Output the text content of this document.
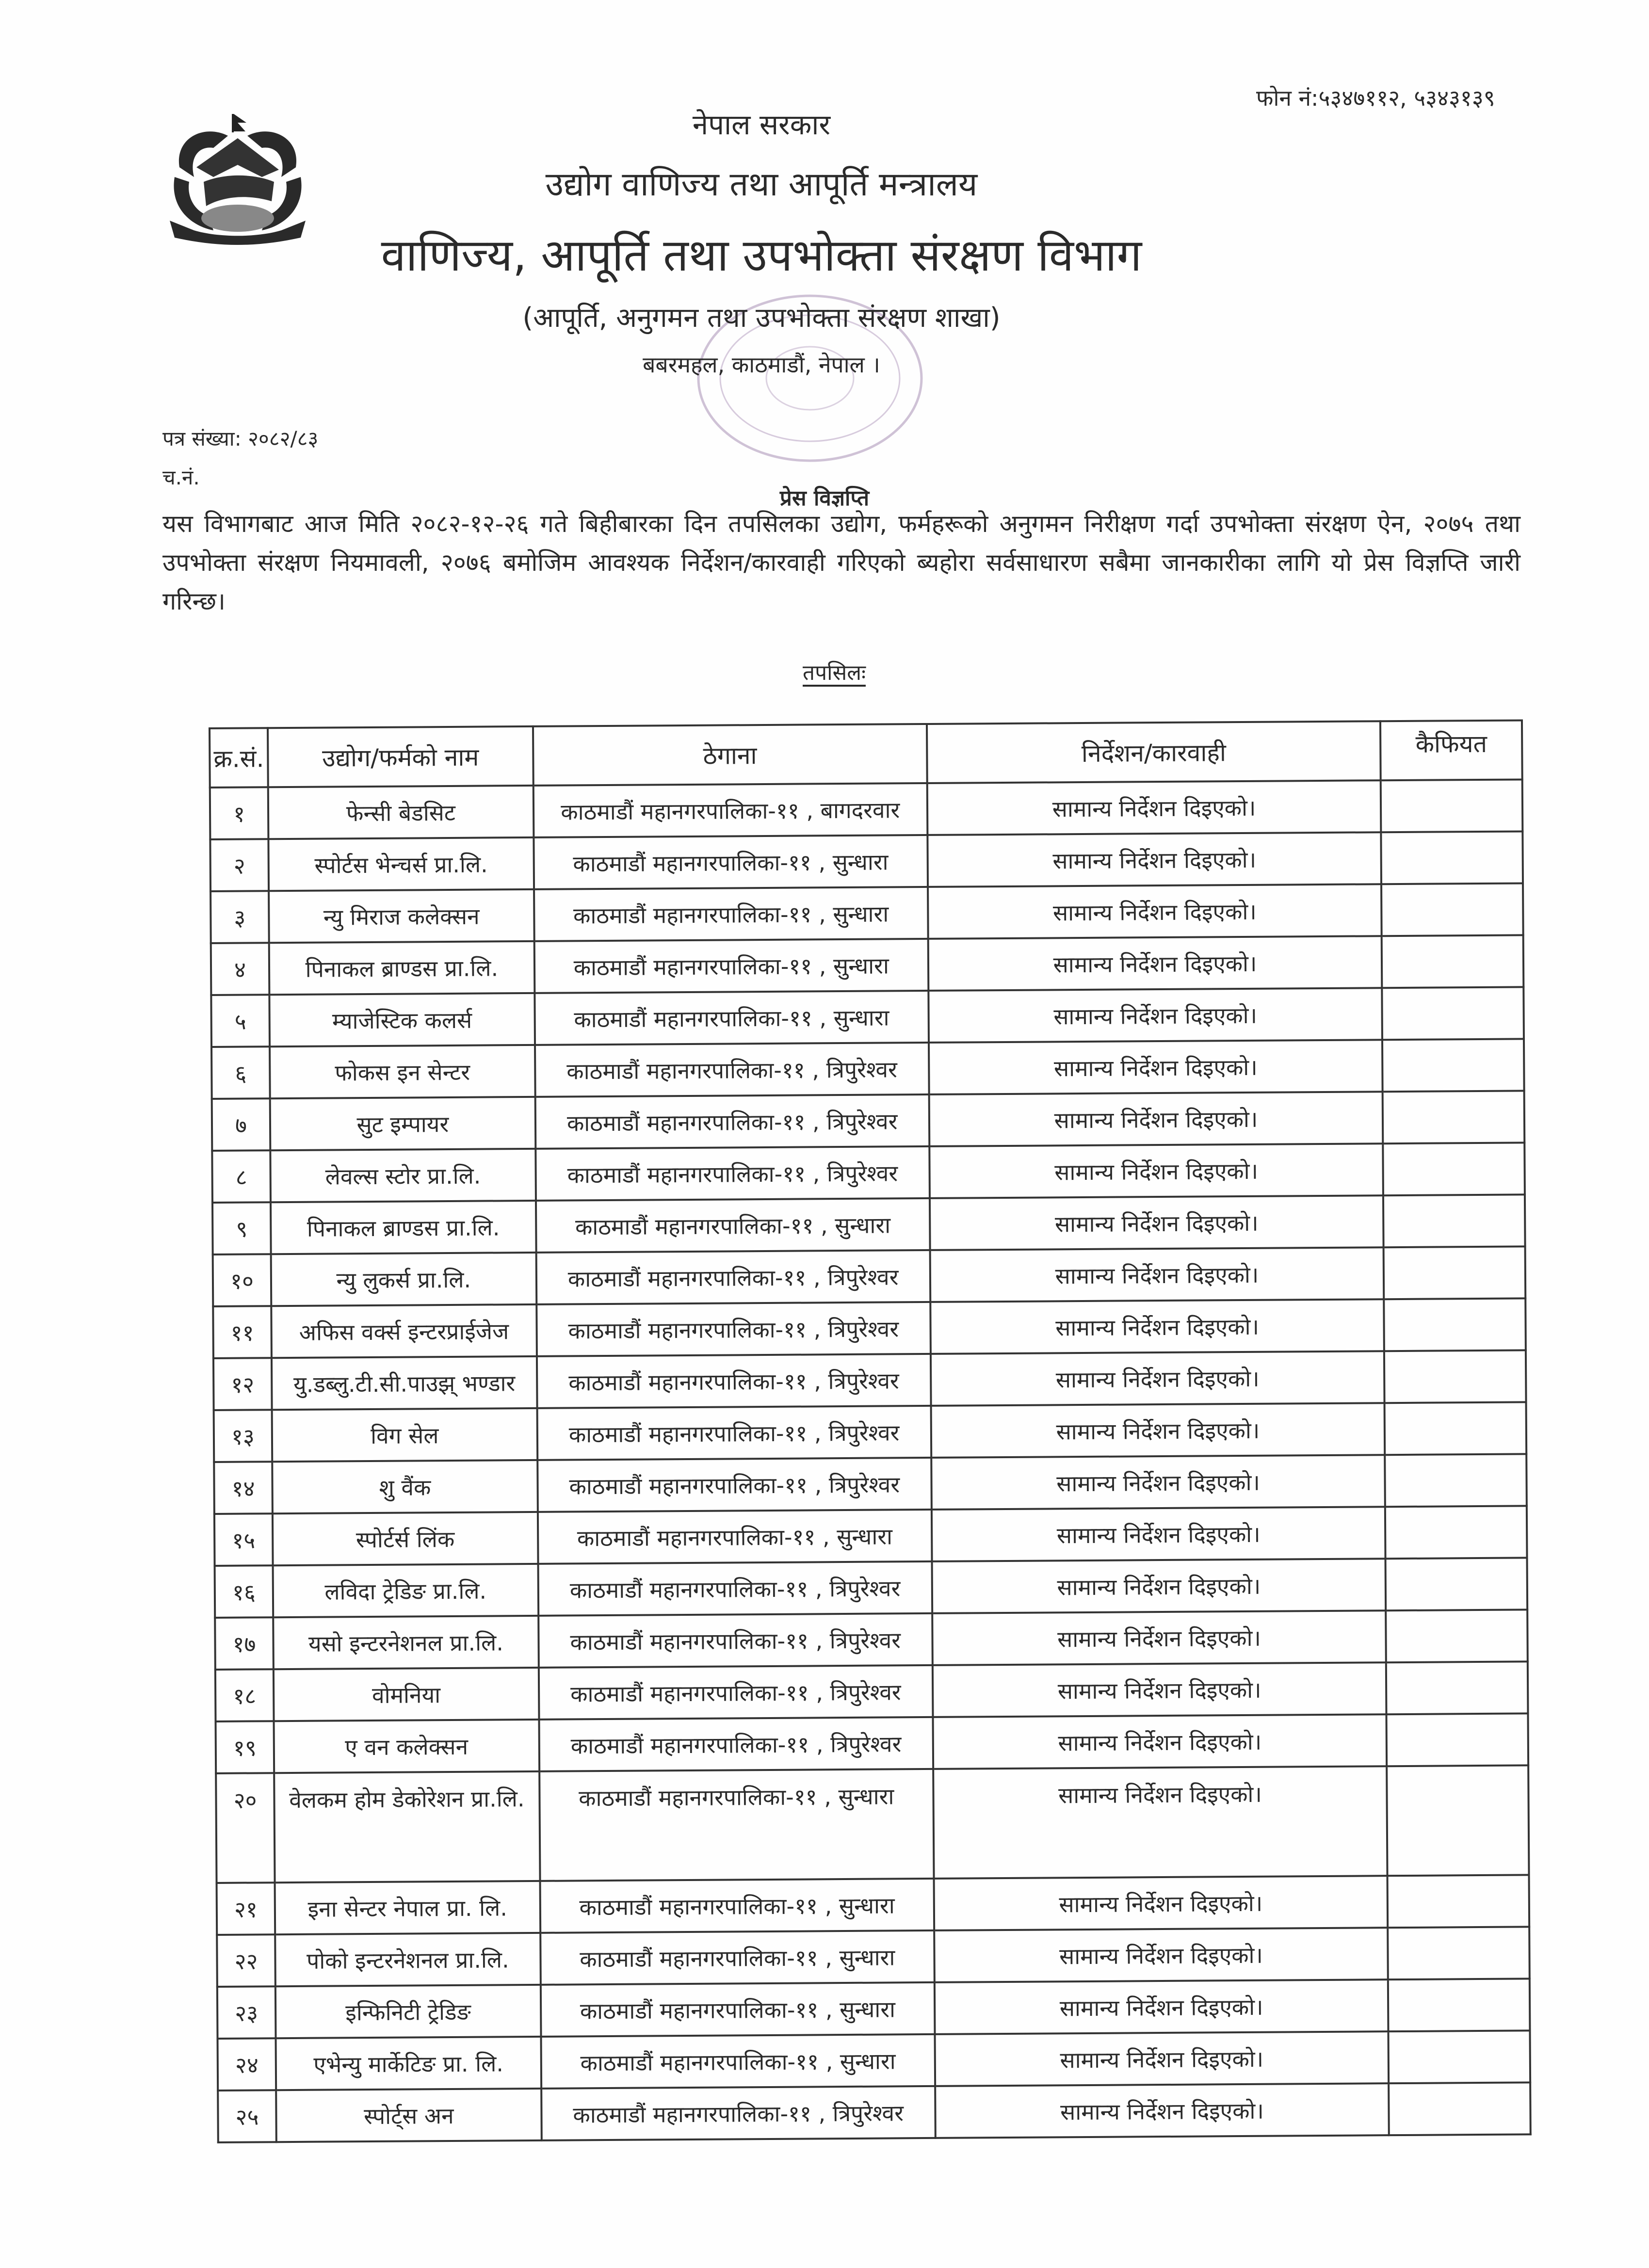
फोन नं:५३४७११२, ५३४३१३९
नेपाल सरकार
उद्योग वाणिज्य तथा आपूर्ति मन्त्रालय
वाणिज्य, आपूर्ति तथा उपभोक्ता संरक्षण विभाग
(आपूर्ति, अनुगमन तथा उपभोक्ता संरक्षण शाखा)
बबरमहल, काठमाडौं, नेपाल ।
पत्र संख्या: २०८२/८३
च.नं.
प्रेस विज्ञप्ति
यस विभागबाट आज मिति २०८२-१२-२६ गते बिहीबारका दिन तपसिलका उद्योग, फर्महरूको अनुगमन निरीक्षण गर्दा उपभोक्ता संरक्षण ऐन, २०७५ तथा उपभोक्ता संरक्षण नियमावली, २०७६ बमोजिम आवश्यक निर्देशन/कारवाही गरिएको ब्यहोरा सर्वसाधारण सबैमा जानकारीका लागि यो प्रेस विज्ञप्ति जारी गरिन्छ।
तपसिलः
क्र.सं.	उद्योग/फर्मको नाम	ठेगाना	निर्देशन/कारवाही	कैफियत
१	फेन्सी बेडसिट	काठमाडौं महानगरपालिका-११ , बागदरवार	सामान्य निर्देशन दिइएको।	
२	स्पोर्टस भेन्चर्स प्रा.लि.	काठमाडौं महानगरपालिका-११ , सुन्धारा	सामान्य निर्देशन दिइएको।	
३	न्यु मिराज कलेक्सन	काठमाडौं महानगरपालिका-११ , सुन्धारा	सामान्य निर्देशन दिइएको।	
४	पिनाकल ब्राण्डस प्रा.लि.	काठमाडौं महानगरपालिका-११ , सुन्धारा	सामान्य निर्देशन दिइएको।	
५	म्याजेस्टिक कलर्स	काठमाडौं महानगरपालिका-११ , सुन्धारा	सामान्य निर्देशन दिइएको।	
६	फोकस इन सेन्टर	काठमाडौं महानगरपालिका-११ , त्रिपुरेश्वर	सामान्य निर्देशन दिइएको।	
७	सुट इम्पायर	काठमाडौं महानगरपालिका-११ , त्रिपुरेश्वर	सामान्य निर्देशन दिइएको।	
८	लेवल्स स्टोर प्रा.लि.	काठमाडौं महानगरपालिका-११ , त्रिपुरेश्वर	सामान्य निर्देशन दिइएको।	
९	पिनाकल ब्राण्डस प्रा.लि.	काठमाडौं महानगरपालिका-११ , सुन्धारा	सामान्य निर्देशन दिइएको।	
१०	न्यु लुकर्स प्रा.लि.	काठमाडौं महानगरपालिका-११ , त्रिपुरेश्वर	सामान्य निर्देशन दिइएको।	
११	अफिस वर्क्स इन्टरप्राईजेज	काठमाडौं महानगरपालिका-११ , त्रिपुरेश्वर	सामान्य निर्देशन दिइएको।	
१२	यु.डब्लु.टी.सी.पाउझ् भण्डार	काठमाडौं महानगरपालिका-११ , त्रिपुरेश्वर	सामान्य निर्देशन दिइएको।	
१३	विग सेल	काठमाडौं महानगरपालिका-११ , त्रिपुरेश्वर	सामान्य निर्देशन दिइएको।	
१४	शु वैंक	काठमाडौं महानगरपालिका-११ , त्रिपुरेश्वर	सामान्य निर्देशन दिइएको।	
१५	स्पोर्टर्स लिंक	काठमाडौं महानगरपालिका-११ , सुन्धारा	सामान्य निर्देशन दिइएको।	
१६	लविदा ट्रेडिङ प्रा.लि.	काठमाडौं महानगरपालिका-११ , त्रिपुरेश्वर	सामान्य निर्देशन दिइएको।	
१७	यसो इन्टरनेशनल प्रा.लि.	काठमाडौं महानगरपालिका-११ , त्रिपुरेश्वर	सामान्य निर्देशन दिइएको।	
१८	वोमनिया	काठमाडौं महानगरपालिका-११ , त्रिपुरेश्वर	सामान्य निर्देशन दिइएको।	
१९	ए वन कलेक्सन	काठमाडौं महानगरपालिका-११ , त्रिपुरेश्वर	सामान्य निर्देशन दिइएको।	
२०	वेलकम होम डेकोरेशन प्रा.लि.	काठमाडौं महानगरपालिका-११ , सुन्धारा	सामान्य निर्देशन दिइएको।	
२१	इना सेन्टर नेपाल प्रा. लि.	काठमाडौं महानगरपालिका-११ , सुन्धारा	सामान्य निर्देशन दिइएको।	
२२	पोको इन्टरनेशनल प्रा.लि.	काठमाडौं महानगरपालिका-११ , सुन्धारा	सामान्य निर्देशन दिइएको।	
२३	इन्फिनिटी ट्रेडिङ	काठमाडौं महानगरपालिका-११ , सुन्धारा	सामान्य निर्देशन दिइएको।	
२४	एभेन्यु मार्केटिङ प्रा. लि.	काठमाडौं महानगरपालिका-११ , सुन्धारा	सामान्य निर्देशन दिइएको।	
२५	स्पोर्ट्स अन	काठमाडौं महानगरपालिका-११ , त्रिपुरेश्वर	सामान्य निर्देशन दिइएको।	
